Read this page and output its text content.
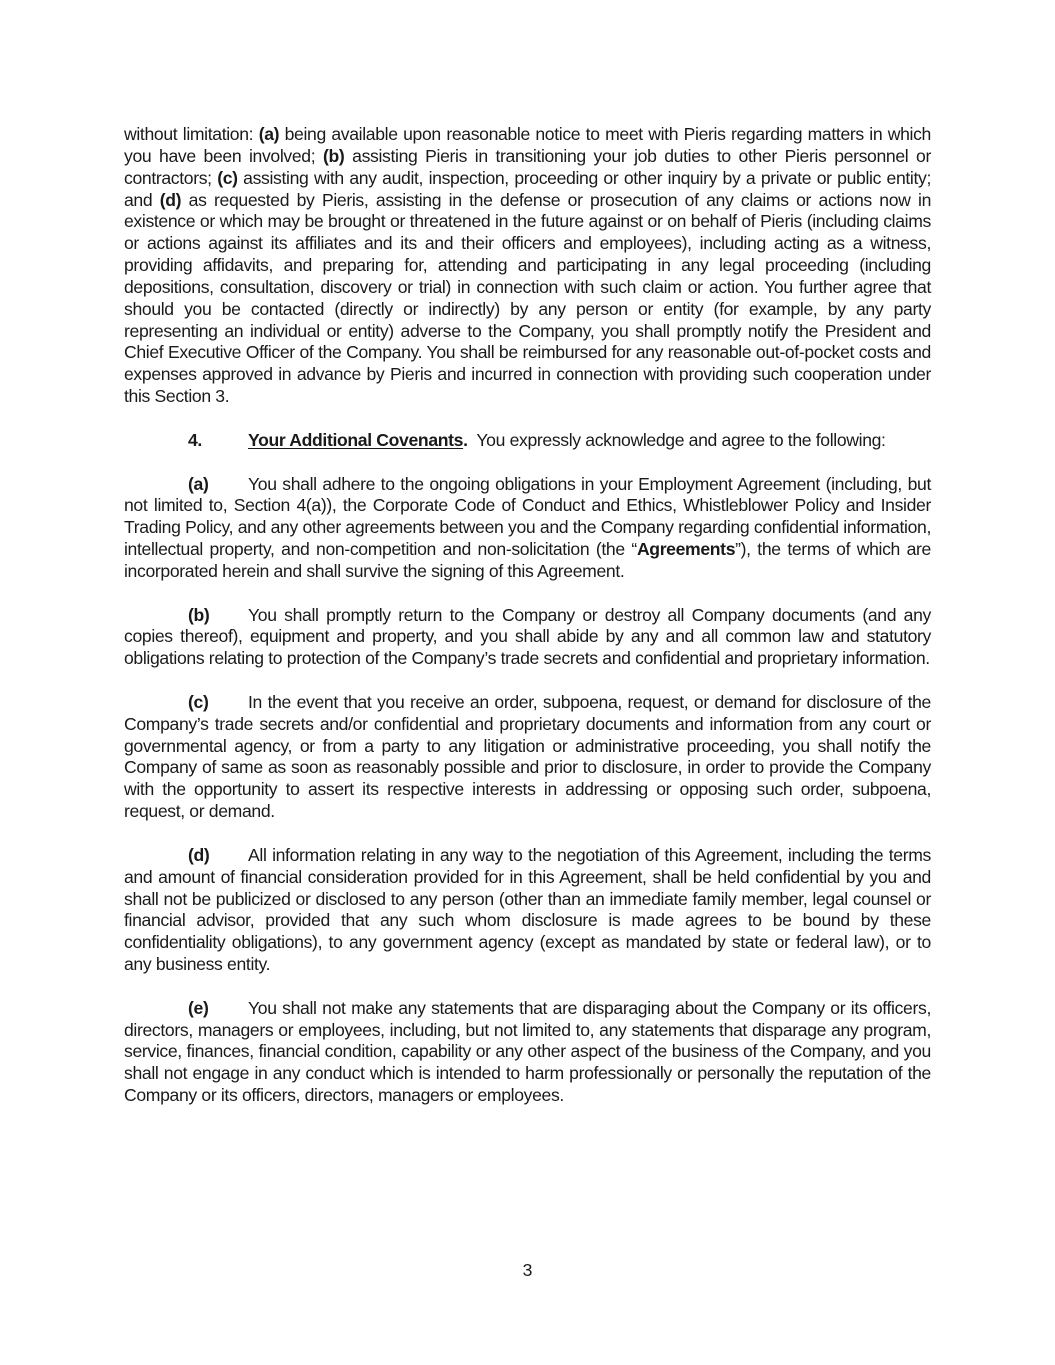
without limitation: (a) being available upon reasonable notice to meet with Pieris regarding matters in which you have been involved; (b) assisting Pieris in transitioning your job duties to other Pieris personnel or contractors; (c) assisting with any audit, inspection, proceeding or other inquiry by a private or public entity; and (d) as requested by Pieris, assisting in the defense or prosecution of any claims or actions now in existence or which may be brought or threatened in the future against or on behalf of Pieris (including claims or actions against its affiliates and its and their officers and employees), including acting as a witness, providing affidavits, and preparing for, attending and participating in any legal proceeding (including depositions, consultation, discovery or trial) in connection with such claim or action. You further agree that should you be contacted (directly or indirectly) by any person or entity (for example, by any party representing an individual or entity) adverse to the Company, you shall promptly notify the President and Chief Executive Officer of the Company. You shall be reimbursed for any reasonable out-of-pocket costs and expenses approved in advance by Pieris and incurred in connection with providing such cooperation under this Section 3.

4.	Your Additional Covenants.  You expressly acknowledge and agree to the following:

(a) You shall adhere to the ongoing obligations in your Employment Agreement (including, but not limited to, Section 4(a)), the Corporate Code of Conduct and Ethics, Whistleblower Policy and Insider Trading Policy, and any other agreements between you and the Company regarding confidential information, intellectual property, and non-competition and non-solicitation (the “Agreements”), the terms of which are incorporated herein and shall survive the signing of this Agreement.

(b) You shall promptly return to the Company or destroy all Company documents (and any copies thereof), equipment and property, and you shall abide by any and all common law and statutory obligations relating to protection of the Company’s trade secrets and confidential and proprietary information.

(c) In the event that you receive an order, subpoena, request, or demand for disclosure of the Company’s trade secrets and/or confidential and proprietary documents and information from any court or governmental agency, or from a party to any litigation or administrative proceeding, you shall notify the Company of same as soon as reasonably possible and prior to disclosure, in order to provide the Company with the opportunity to assert its respective interests in addressing or opposing such order, subpoena, request, or demand.

(d) All information relating in any way to the negotiation of this Agreement, including the terms and amount of financial consideration provided for in this Agreement, shall be held confidential by you and shall not be publicized or disclosed to any person (other than an immediate family member, legal counsel or financial advisor, provided that any such whom disclosure is made agrees to be bound by these confidentiality obligations), to any government agency (except as mandated by state or federal law), or to any business entity.

(e) You shall not make any statements that are disparaging about the Company or its officers, directors, managers or employees, including, but not limited to, any statements that disparage any program, service, finances, financial condition, capability or any other aspect of the business of the Company, and you shall not engage in any conduct which is intended to harm professionally or personally the reputation of the Company or its officers, directors, managers or employees.

3
